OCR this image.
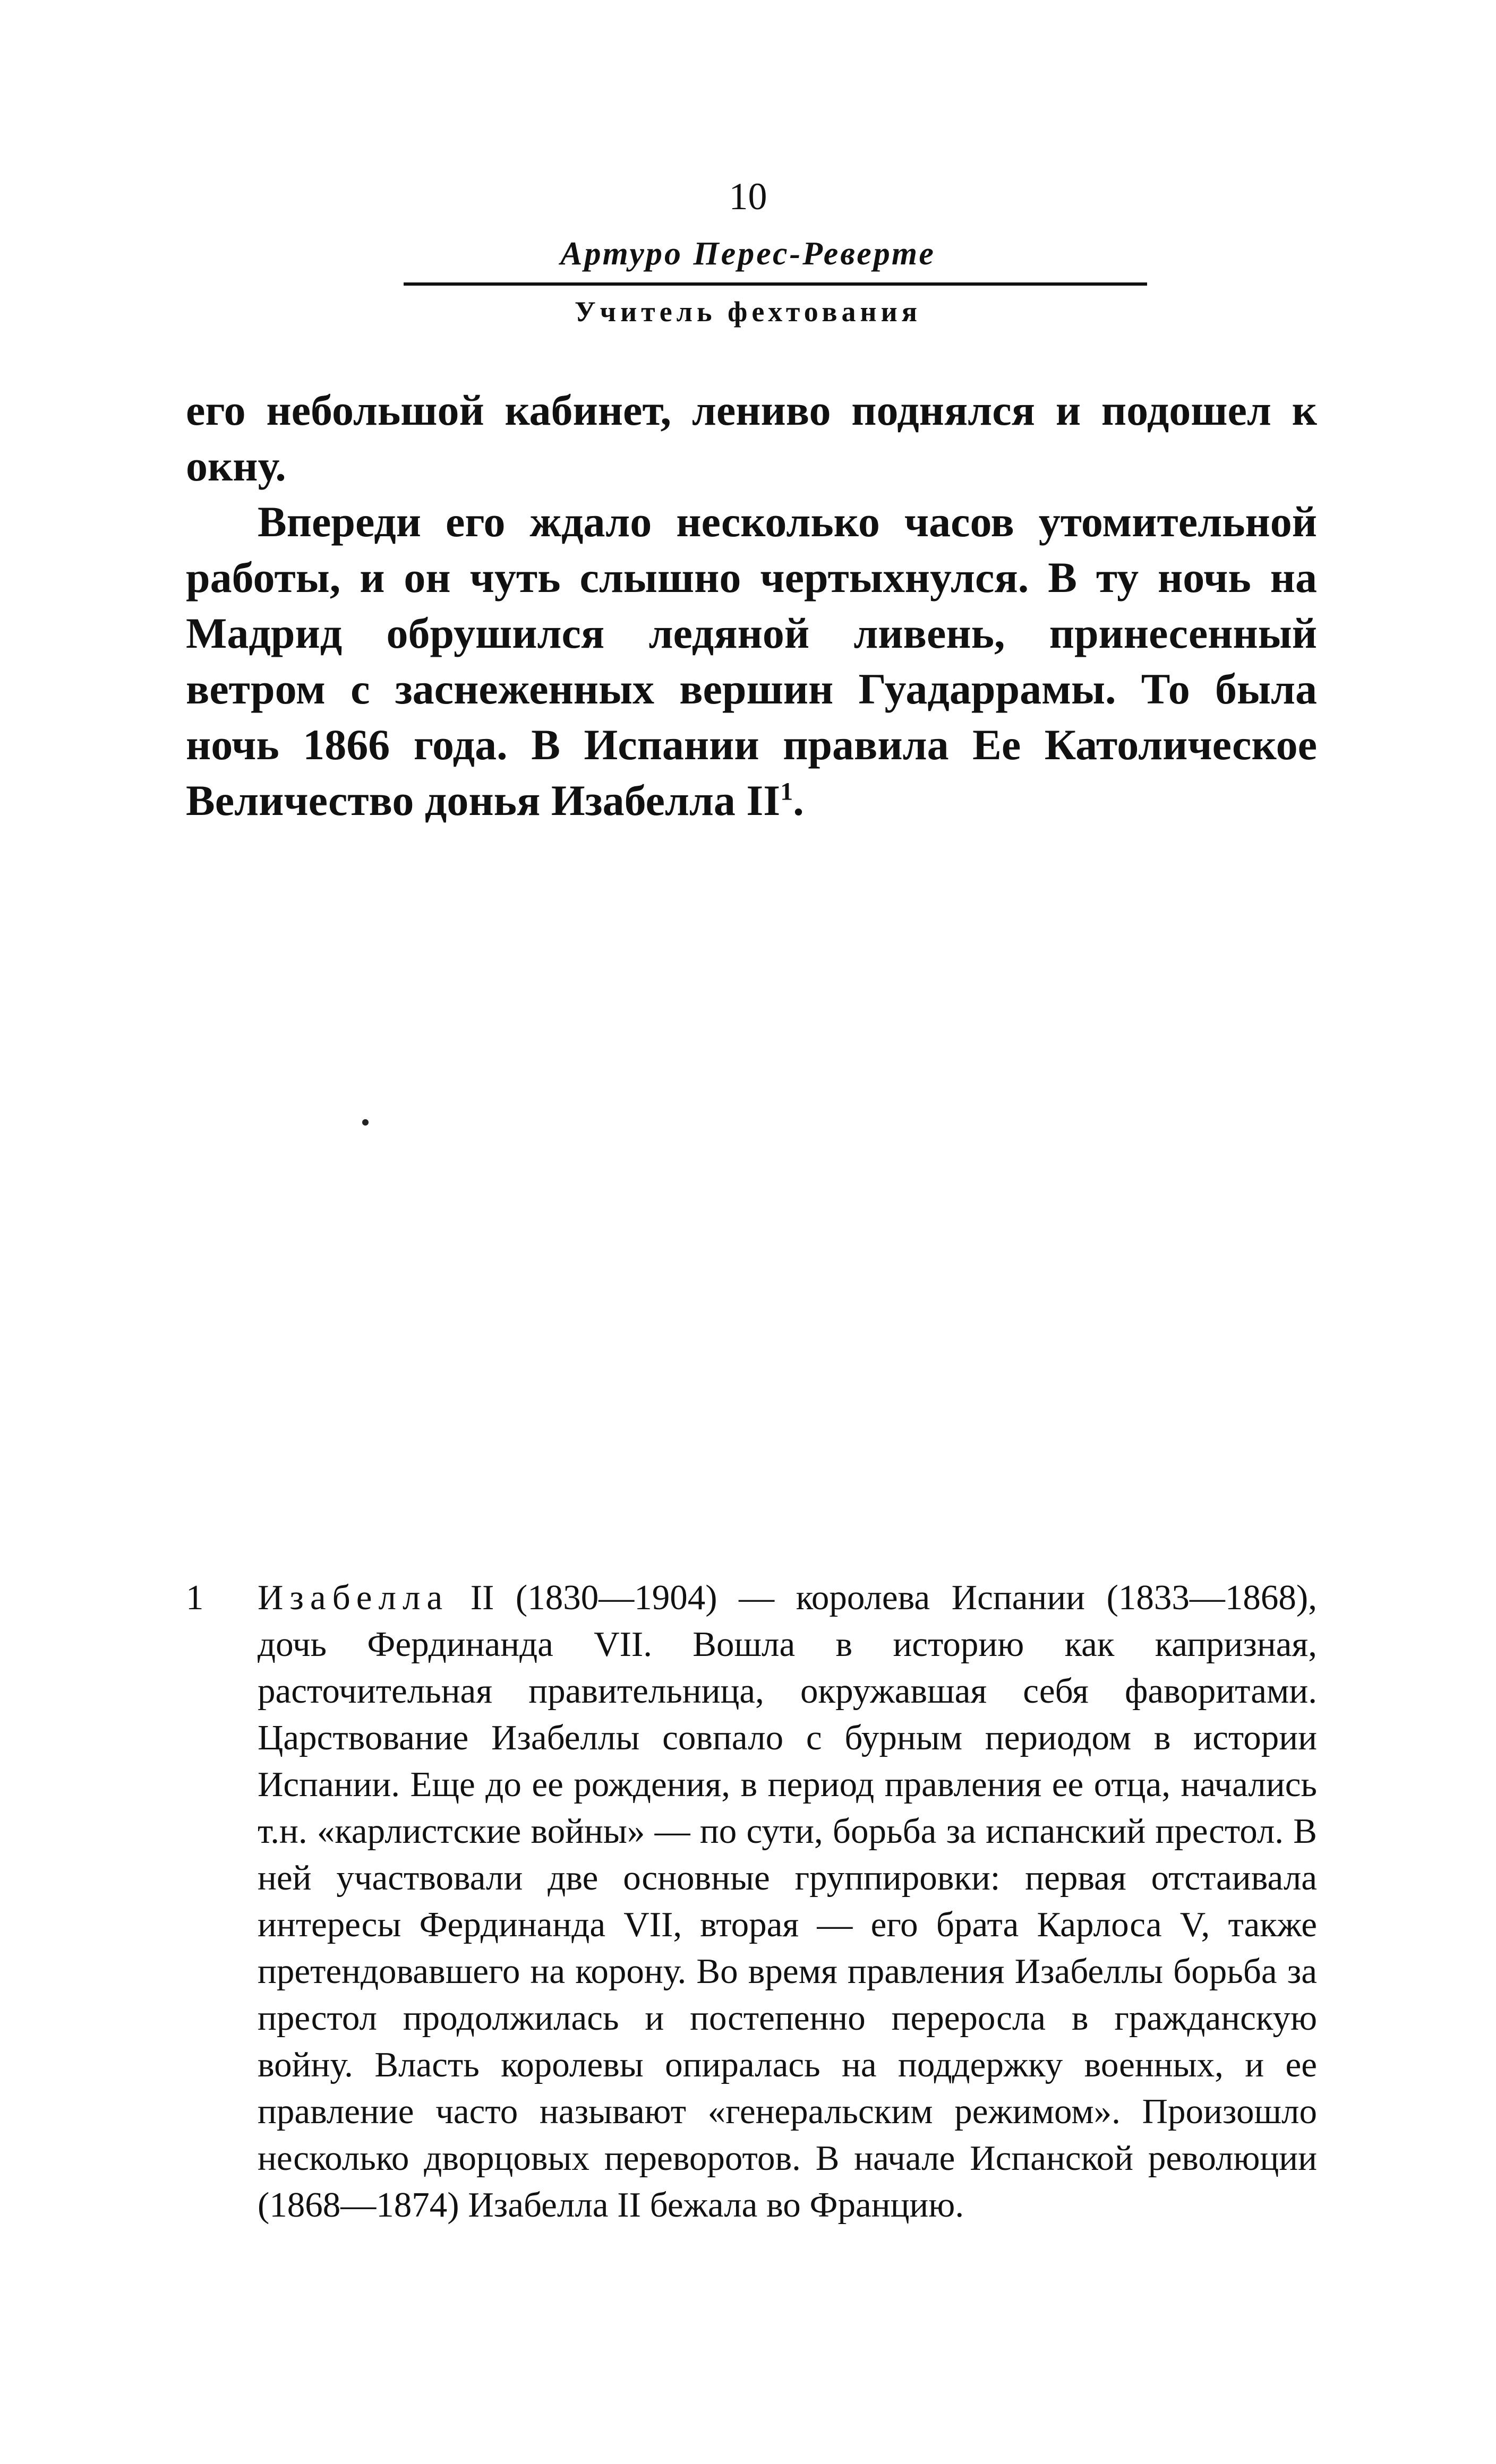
10
Артуро Перес-Реверте
Учитель фехтования

его небольшой кабинет, лениво поднялся и подошел к окну.

Впереди его ждало несколько часов утомительной работы, и он чуть слышно чертыхнулся. В ту ночь на Мадрид обрушился ледяной ливень, принесенный ветром с заснеженных вершин Гуадаррамы. То была ночь 1866 года. В Испании правила Ее Католическое Величество донья Изабелла $II^1$.

1	Изабелла II (1830—1904) — королева Испании (1833—1868), дочь Фердинанда VII. Вошла в историю как капризная, расточительная правительница, окружавшая себя фаворитами. Царствование Изабеллы совпало с бурным периодом в истории Испании. Еще до ее рождения, в период правления ее отца, начались т.н. «карлистские войны» — по сути, борьба за испанский престол. В ней участвовали две основные группировки: первая отстаивала интересы Фердинанда VII, вторая — его брата Карлоса V, также претендовавшего на корону. Во время правления Изабеллы борьба за престол продолжилась и постепенно переросла в гражданскую войну. Власть королевы опиралась на поддержку военных, и ее правление часто называют «генеральским режимом». Произошло несколько дворцовых переворотов. В начале Испанской революции (1868—1874) Изабелла II бежала во Францию.
